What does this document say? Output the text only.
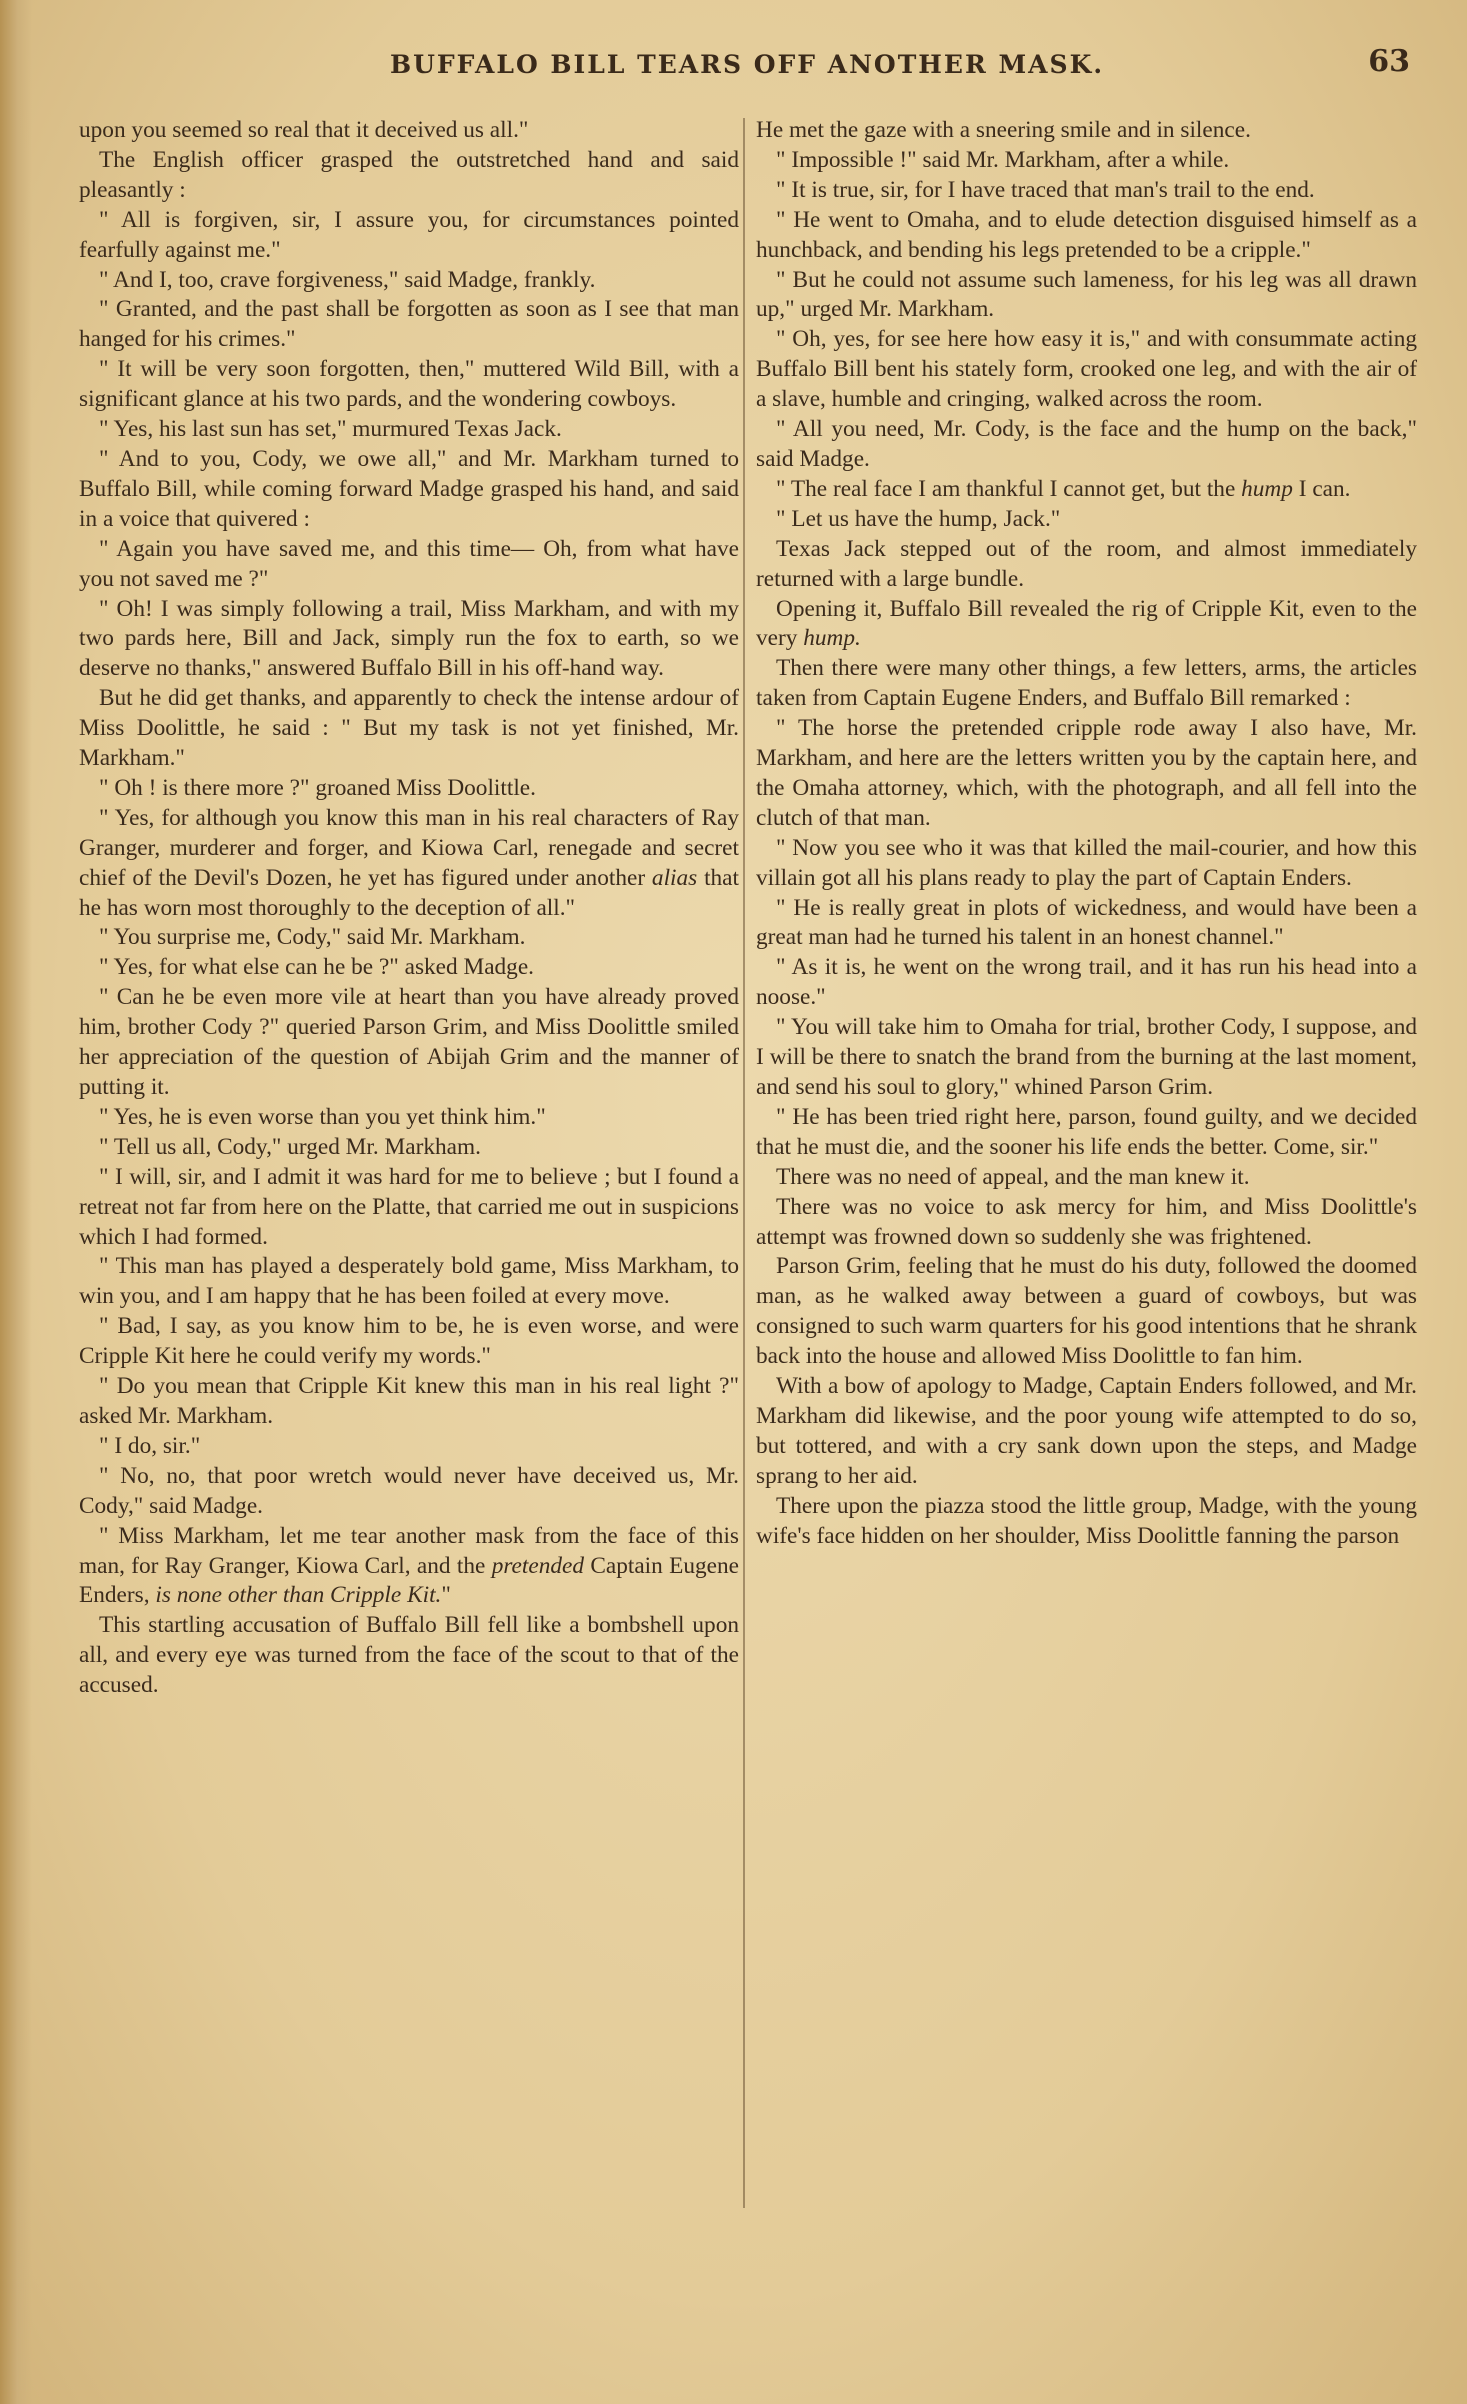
BUFFALO BILL TEARS OFF ANOTHER MASK.	63

upon you seemed so real that it deceived us all."

The English officer grasped the outstretched hand and said pleasantly :

" All is forgiven, sir, I assure you, for circumstances pointed fearfully against me."

" And I, too, crave forgiveness," said Madge, frankly.

" Granted, and the past shall be forgotten as soon as I see that man hanged for his crimes."

" It will be very soon forgotten, then," muttered Wild Bill, with a significant glance at his two pards, and the wondering cowboys.

" Yes, his last sun has set," murmured Texas Jack.

" And to you, Cody, we owe all," and Mr. Markham turned to Buffalo Bill, while coming forward Madge grasped his hand, and said in a voice that quivered :

" Again you have saved me, and this time— Oh, from what have you not saved me ?"

" Oh! I was simply following a trail, Miss Markham, and with my two pards here, Bill and Jack, simply run the fox to earth, so we deserve no thanks," answered Buffalo Bill in his off-hand way.

But he did get thanks, and apparently to check the intense ardour of Miss Doolittle, he said : " But my task is not yet finished, Mr. Markham."

" Oh ! is there more ?" groaned Miss Doolittle.

" Yes, for although you know this man in his real characters of Ray Granger, murderer and forger, and Kiowa Carl, renegade and secret chief of the Devil's Dozen, he yet has figured under another alias that he has worn most thoroughly to the deception of all."

" You surprise me, Cody," said Mr. Markham.

" Yes, for what else can he be ?" asked Madge.

" Can he be even more vile at heart than you have already proved him, brother Cody ?" queried Parson Grim, and Miss Doolittle smiled her appreciation of the question of Abijah Grim and the manner of putting it.

" Yes, he is even worse than you yet think him."

" Tell us all, Cody," urged Mr. Markham.

" I will, sir, and I admit it was hard for me to believe ; but I found a retreat not far from here on the Platte, that carried me out in suspicions which I had formed.

" This man has played a desperately bold game, Miss Markham, to win you, and I am happy that he has been foiled at every move.

" Bad, I say, as you know him to be, he is even worse, and were Cripple Kit here he could verify my words."

" Do you mean that Cripple Kit knew this man in his real light ?" asked Mr. Markham.

" I do, sir."

" No, no, that poor wretch would never have deceived us, Mr. Cody," said Madge.

" Miss Markham, let me tear another mask from the face of this man, for Ray Granger, Kiowa Carl, and the pretended Captain Eugene Enders, is none other than Cripple Kit."

This startling accusation of Buffalo Bill fell like a bombshell upon all, and every eye was turned from the face of the scout to that of the accused.

He met the gaze with a sneering smile and in silence.

" Impossible !" said Mr. Markham, after a while.

" It is true, sir, for I have traced that man's trail to the end.

" He went to Omaha, and to elude detection disguised himself as a hunchback, and bending his legs pretended to be a cripple."

" But he could not assume such lameness, for his leg was all drawn up," urged Mr. Markham.

" Oh, yes, for see here how easy it is," and with consummate acting Buffalo Bill bent his stately form, crooked one leg, and with the air of a slave, humble and cringing, walked across the room.

" All you need, Mr. Cody, is the face and the hump on the back," said Madge.

" The real face I am thankful I cannot get, but the hump I can.

" Let us have the hump, Jack."

Texas Jack stepped out of the room, and almost immediately returned with a large bundle.

Opening it, Buffalo Bill revealed the rig of Cripple Kit, even to the very hump.

Then there were many other things, a few letters, arms, the articles taken from Captain Eugene Enders, and Buffalo Bill remarked :

" The horse the pretended cripple rode away I also have, Mr. Markham, and here are the letters written you by the captain here, and the Omaha attorney, which, with the photograph, and all fell into the clutch of that man.

" Now you see who it was that killed the mail-courier, and how this villain got all his plans ready to play the part of Captain Enders.

" He is really great in plots of wickedness, and would have been a great man had he turned his talent in an honest channel."

" As it is, he went on the wrong trail, and it has run his head into a noose."

" You will take him to Omaha for trial, brother Cody, I suppose, and I will be there to snatch the brand from the burning at the last moment, and send his soul to glory," whined Parson Grim.

" He has been tried right here, parson, found guilty, and we decided that he must die, and the sooner his life ends the better. Come, sir."

There was no need of appeal, and the man knew it.

There was no voice to ask mercy for him, and Miss Doolittle's attempt was frowned down so suddenly she was frightened.

Parson Grim, feeling that he must do his duty, followed the doomed man, as he walked away between a guard of cowboys, but was consigned to such warm quarters for his good intentions that he shrank back into the house and allowed Miss Doolittle to fan him.

With a bow of apology to Madge, Captain Enders followed, and Mr. Markham did likewise, and the poor young wife attempted to do so, but tottered, and with a cry sank down upon the steps, and Madge sprang to her aid.

There upon the piazza stood the little group, Madge, with the young wife's face hidden on her shoulder, Miss Doolittle fanning the parson
